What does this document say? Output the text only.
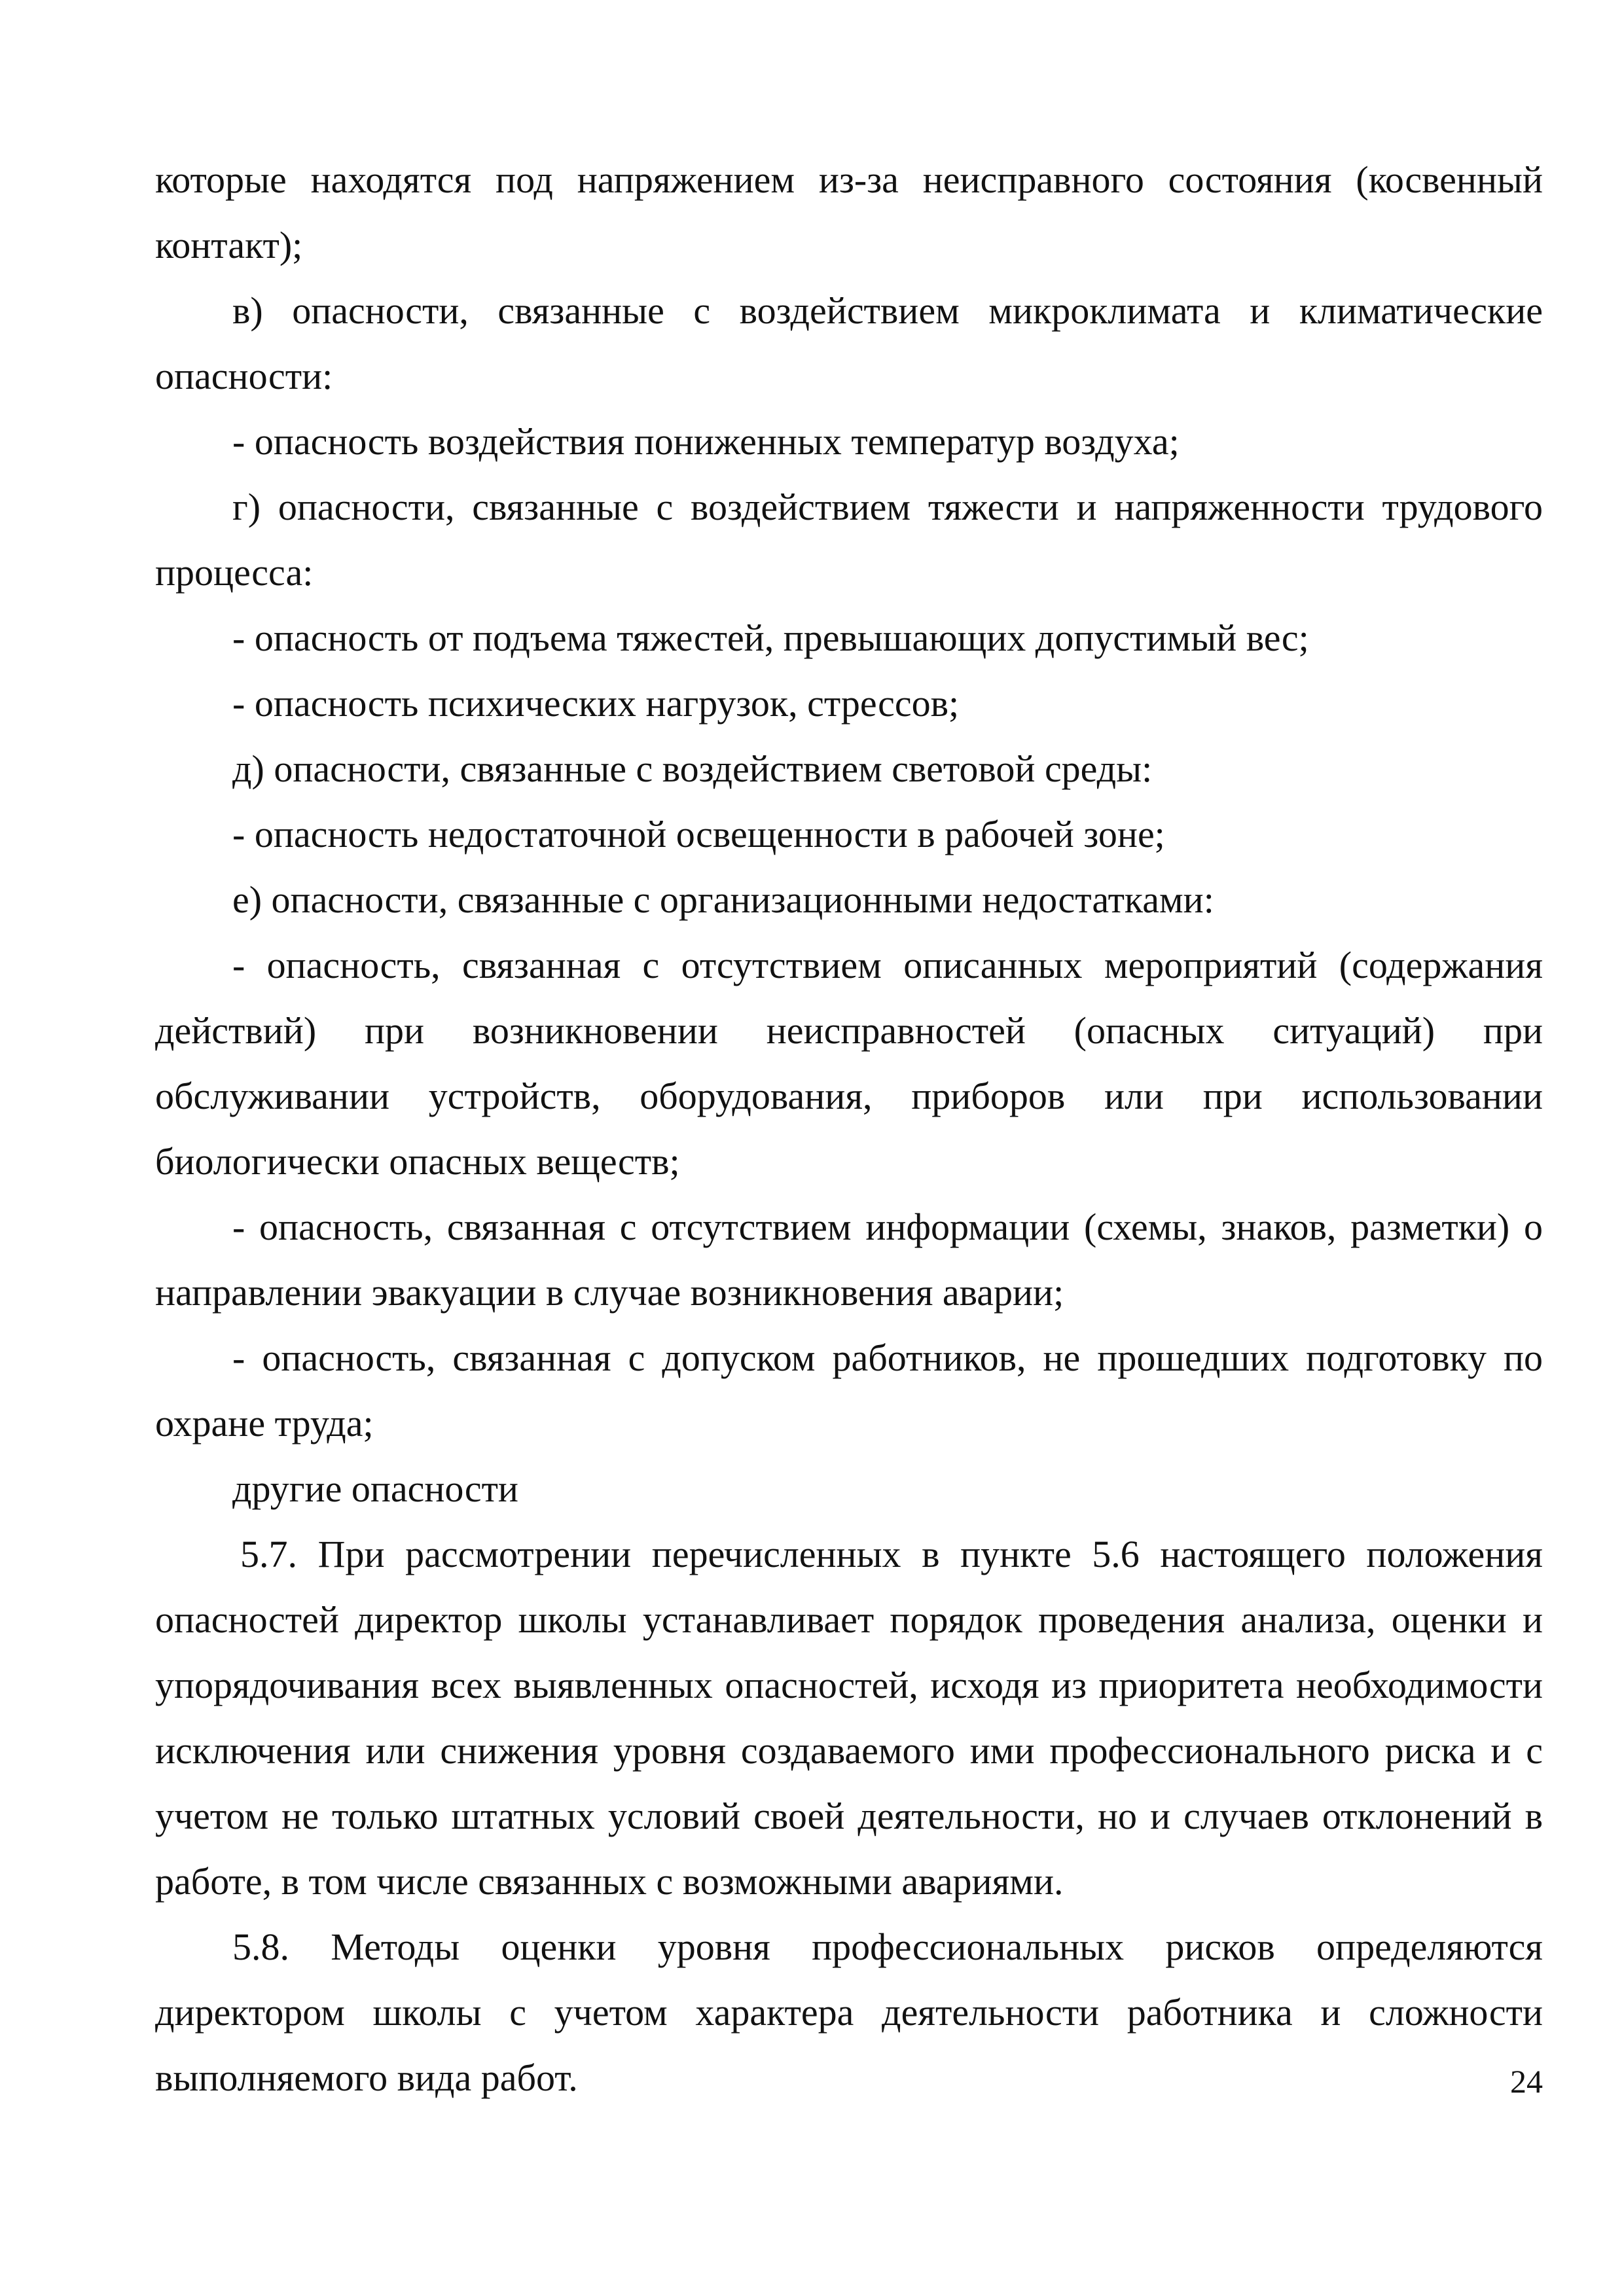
которые находятся под напряжением из-за неисправного состояния (косвенный контакт);

в) опасности, связанные с воздействием микроклимата и климатические опасности:

- опасность воздействия пониженных температур воздуха;

г) опасности, связанные с воздействием тяжести и напряженности трудового процесса:

- опасность от подъема тяжестей, превышающих допустимый вес;

- опасность психических нагрузок, стрессов;

д) опасности, связанные с воздействием световой среды:

- опасность недостаточной освещенности в рабочей зоне;

е) опасности, связанные с организационными недостатками:

- опасность, связанная с отсутствием описанных мероприятий (содержания действий) при возникновении неисправностей (опасных ситуаций) при обслуживании устройств, оборудования, приборов или при использовании биологически опасных веществ;

- опасность, связанная с отсутствием информации (схемы, знаков, разметки) о направлении эвакуации в случае возникновения аварии;

- опасность, связанная с допуском работников, не прошедших подготовку по охране труда;

другие опасности

5.7. При рассмотрении перечисленных в пункте 5.6 настоящего положения опасностей директор школы устанавливает порядок проведения анализа, оценки и упорядочивания всех выявленных опасностей, исходя из приоритета необходимости исключения или снижения уровня создаваемого ими профессионального риска и с учетом не только штатных условий своей деятельности, но и случаев отклонений в работе, в том числе связанных с возможными авариями.

5.8. Методы оценки уровня профессиональных рисков определяются директором школы с учетом характера деятельности работника и сложности выполняемого вида работ.	24
